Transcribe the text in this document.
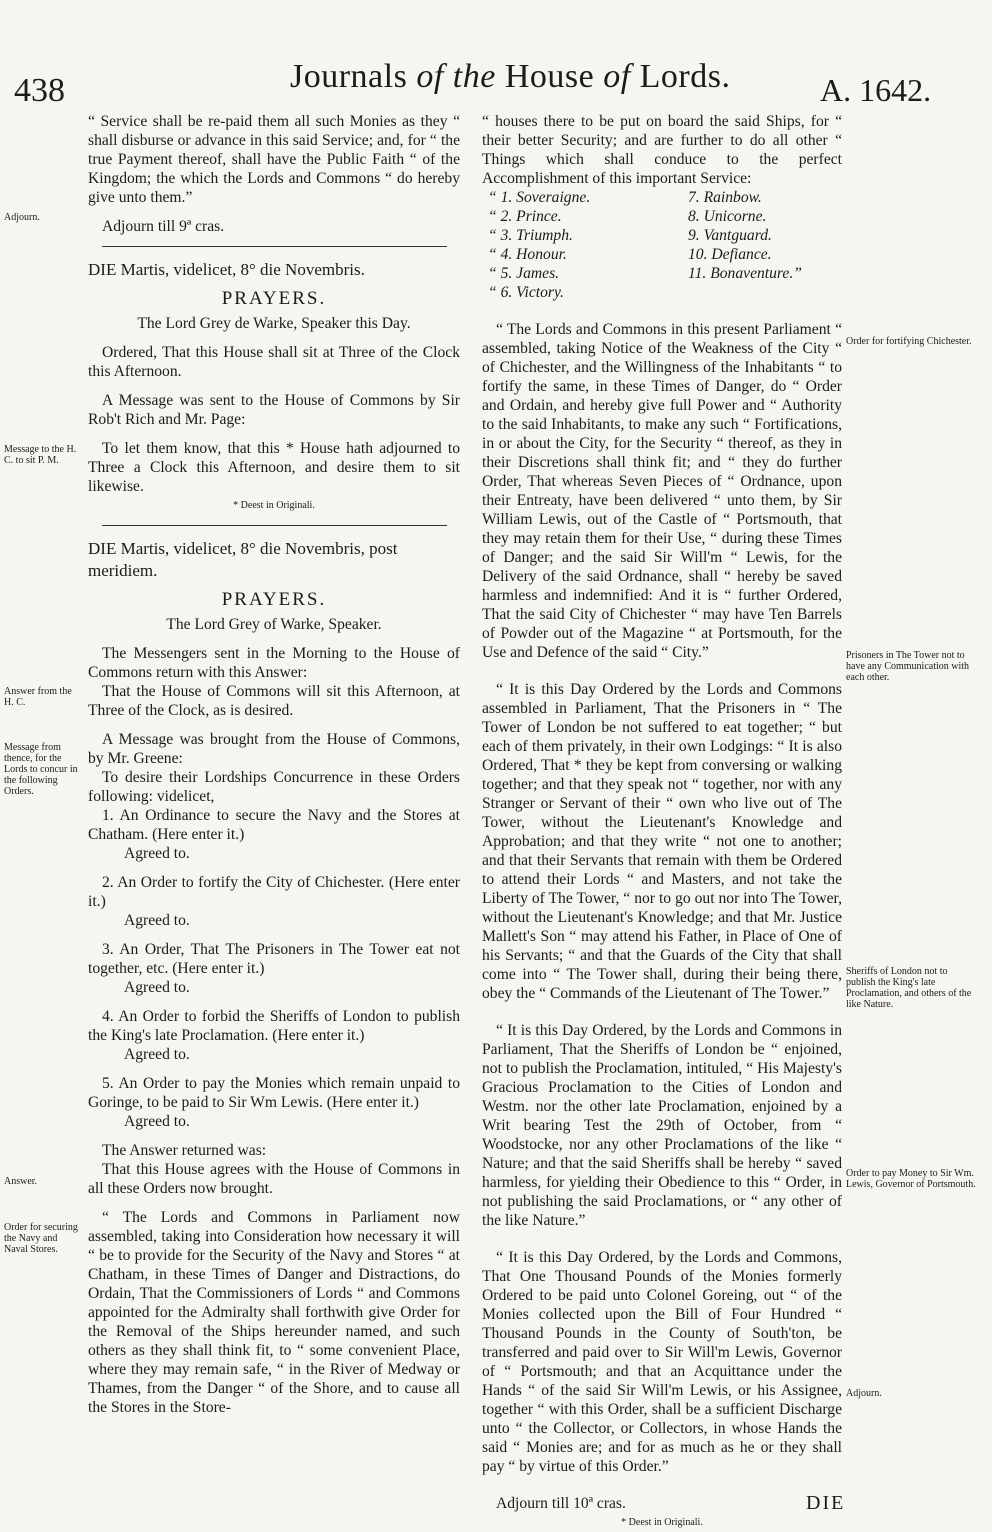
438	Journals of the House of Lords.	A. 1642.

“ Service shall be re-paid them all such Monies as they “ shall disburse or advance in this said Service; and, for “ the true Payment thereof, shall have the Public Faith “ of the Kingdom; the which the Lords and Commons “ do hereby give unto them.”

Adjourn till 9ª cras.

DIE Martis, videlicet, 8° die Novembris.

PRAYERS.

The Lord Grey de Warke, Speaker this Day.

Ordered, That this House shall sit at Three of the Clock this Afternoon.

A Message was sent to the House of Commons by Sir Rob't Rich and Mr. Page:

To let them know, that this * House hath adjourned to Three a Clock this Afternoon, and desire them to sit likewise.

* Deest in Originali.

DIE Martis, videlicet, 8° die Novembris, post meridiem.

PRAYERS.

The Lord Grey of Warke, Speaker.

The Messengers sent in the Morning to the House of Commons return with this Answer:

That the House of Commons will sit this Afternoon, at Three of the Clock, as is desired.

A Message was brought from the House of Commons, by Mr. Greene:

To desire their Lordships Concurrence in these Orders following: videlicet,

1. An Ordinance to secure the Navy and the Stores at Chatham. (Here enter it.)

Agreed to.

2. An Order to fortify the City of Chichester. (Here enter it.)

Agreed to.

3. An Order, That The Prisoners in The Tower eat not together, etc. (Here enter it.)

Agreed to.

4. An Order to forbid the Sheriffs of London to publish the King's late Proclamation. (Here enter it.)

Agreed to.

5. An Order to pay the Monies which remain unpaid to Goringe, to be paid to Sir Wm Lewis. (Here enter it.)

Agreed to.

The Answer returned was:

That this House agrees with the House of Commons in all these Orders now brought.

“ The Lords and Commons in Parliament now assembled, taking into Consideration how necessary it will “ be to provide for the Security of the Navy and Stores “ at Chatham, in these Times of Danger and Distractions, do Ordain, That the Commissioners of Lords “ and Commons appointed for the Admiralty shall forthwith give Order for the Removal of the Ships hereunder named, and such others as they shall think fit, to “ some convenient Place, where they may remain safe, “ in the River of Medway or Thames, from the Danger “ of the Shore, and to cause all the Stores in the Store-

“ houses there to be put on board the said Ships, for “ their better Security; and are further to do all other “ Things which shall conduce to the perfect Accomplishment of this important Service:

“ 1. Soveraigne.	7. Rainbow.
“ 2. Prince.	8. Unicorne.
“ 3. Triumph.	9. Vantguard.
“ 4. Honour.	10. Defiance.
“ 5. James.	11. Bonaventure.”
“ 6. Victory.

“ The Lords and Commons in this present Parliament “ assembled, taking Notice of the Weakness of the City “ of Chichester, and the Willingness of the Inhabitants “ to fortify the same, in these Times of Danger, do “ Order and Ordain, and hereby give full Power and “ Authority to the said Inhabitants, to make any such “ Fortifications, in or about the City, for the Security “ thereof, as they in their Discretions shall think fit; and “ they do further Order, That whereas Seven Pieces of “ Ordnance, upon their Entreaty, have been delivered “ unto them, by Sir William Lewis, out of the Castle of “ Portsmouth, that they may retain them for their Use, “ during these Times of Danger; and the said Sir Will'm “ Lewis, for the Delivery of the said Ordnance, shall “ hereby be saved harmless and indemnified: And it is “ further Ordered, That the said City of Chichester “ may have Ten Barrels of Powder out of the Magazine “ at Portsmouth, for the Use and Defence of the said “ City.”

“ It is this Day Ordered by the Lords and Commons assembled in Parliament, That the Prisoners in “ The Tower of London be not suffered to eat together; “ but each of them privately, in their own Lodgings: “ It is also Ordered, That * they be kept from conversing or walking together; and that they speak not “ together, nor with any Stranger or Servant of their “ own who live out of The Tower, without the Lieutenant's Knowledge and Approbation; and that they write “ not one to another; and that their Servants that remain with them be Ordered to attend their Lords “ and Masters, and not take the Liberty of The Tower, “ nor to go out nor into The Tower, without the Lieutenant's Knowledge; and that Mr. Justice Mallett's Son “ may attend his Father, in Place of One of his Servants; “ and that the Guards of the City that shall come into “ The Tower shall, during their being there, obey the “ Commands of the Lieutenant of The Tower.”

“ It is this Day Ordered, by the Lords and Commons in Parliament, That the Sheriffs of London be “ enjoined, not to publish the Proclamation, intituled, “ His Majesty's Gracious Proclamation to the Cities of London and Westm. nor the other late Proclamation, enjoined by a Writ bearing Test the 29th of October, from “ Woodstocke, nor any other Proclamations of the like “ Nature; and that the said Sheriffs shall be hereby “ saved harmless, for yielding their Obedience to this “ Order, in not publishing the said Proclamations, or “ any other of the like Nature.”

“ It is this Day Ordered, by the Lords and Commons, That One Thousand Pounds of the Monies formerly Ordered to be paid unto Colonel Goreing, out “ of the Monies collected upon the Bill of Four Hundred “ Thousand Pounds in the County of South'ton, be transferred and paid over to Sir Will'm Lewis, Governor of “ Portsmouth; and that an Acquittance under the Hands “ of the said Sir Will'm Lewis, or his Assignee, together “ with this Order, shall be a sufficient Discharge unto “ the Collector, or Collectors, in whose Hands the said “ Monies are; and for as much as he or they shall pay “ by virtue of this Order.”

Adjourn till 10ª cras.

* Deest in Originali.

Adjourn.
Message to the H. C. to sit P. M.
Answer from the H. C.
Message from thence, for the Lords to concur in the following Orders.
Answer.
Order for securing the Navy and Naval Stores.
Order for fortifying Chichester.
Prisoners in The Tower not to have any Communication with each other.
Sheriffs of London not to publish the King's late Proclamation, and others of the like Nature.
Order to pay Money to Sir Wm. Lewis, Governor of Portsmouth.
Adjourn.
DIE
